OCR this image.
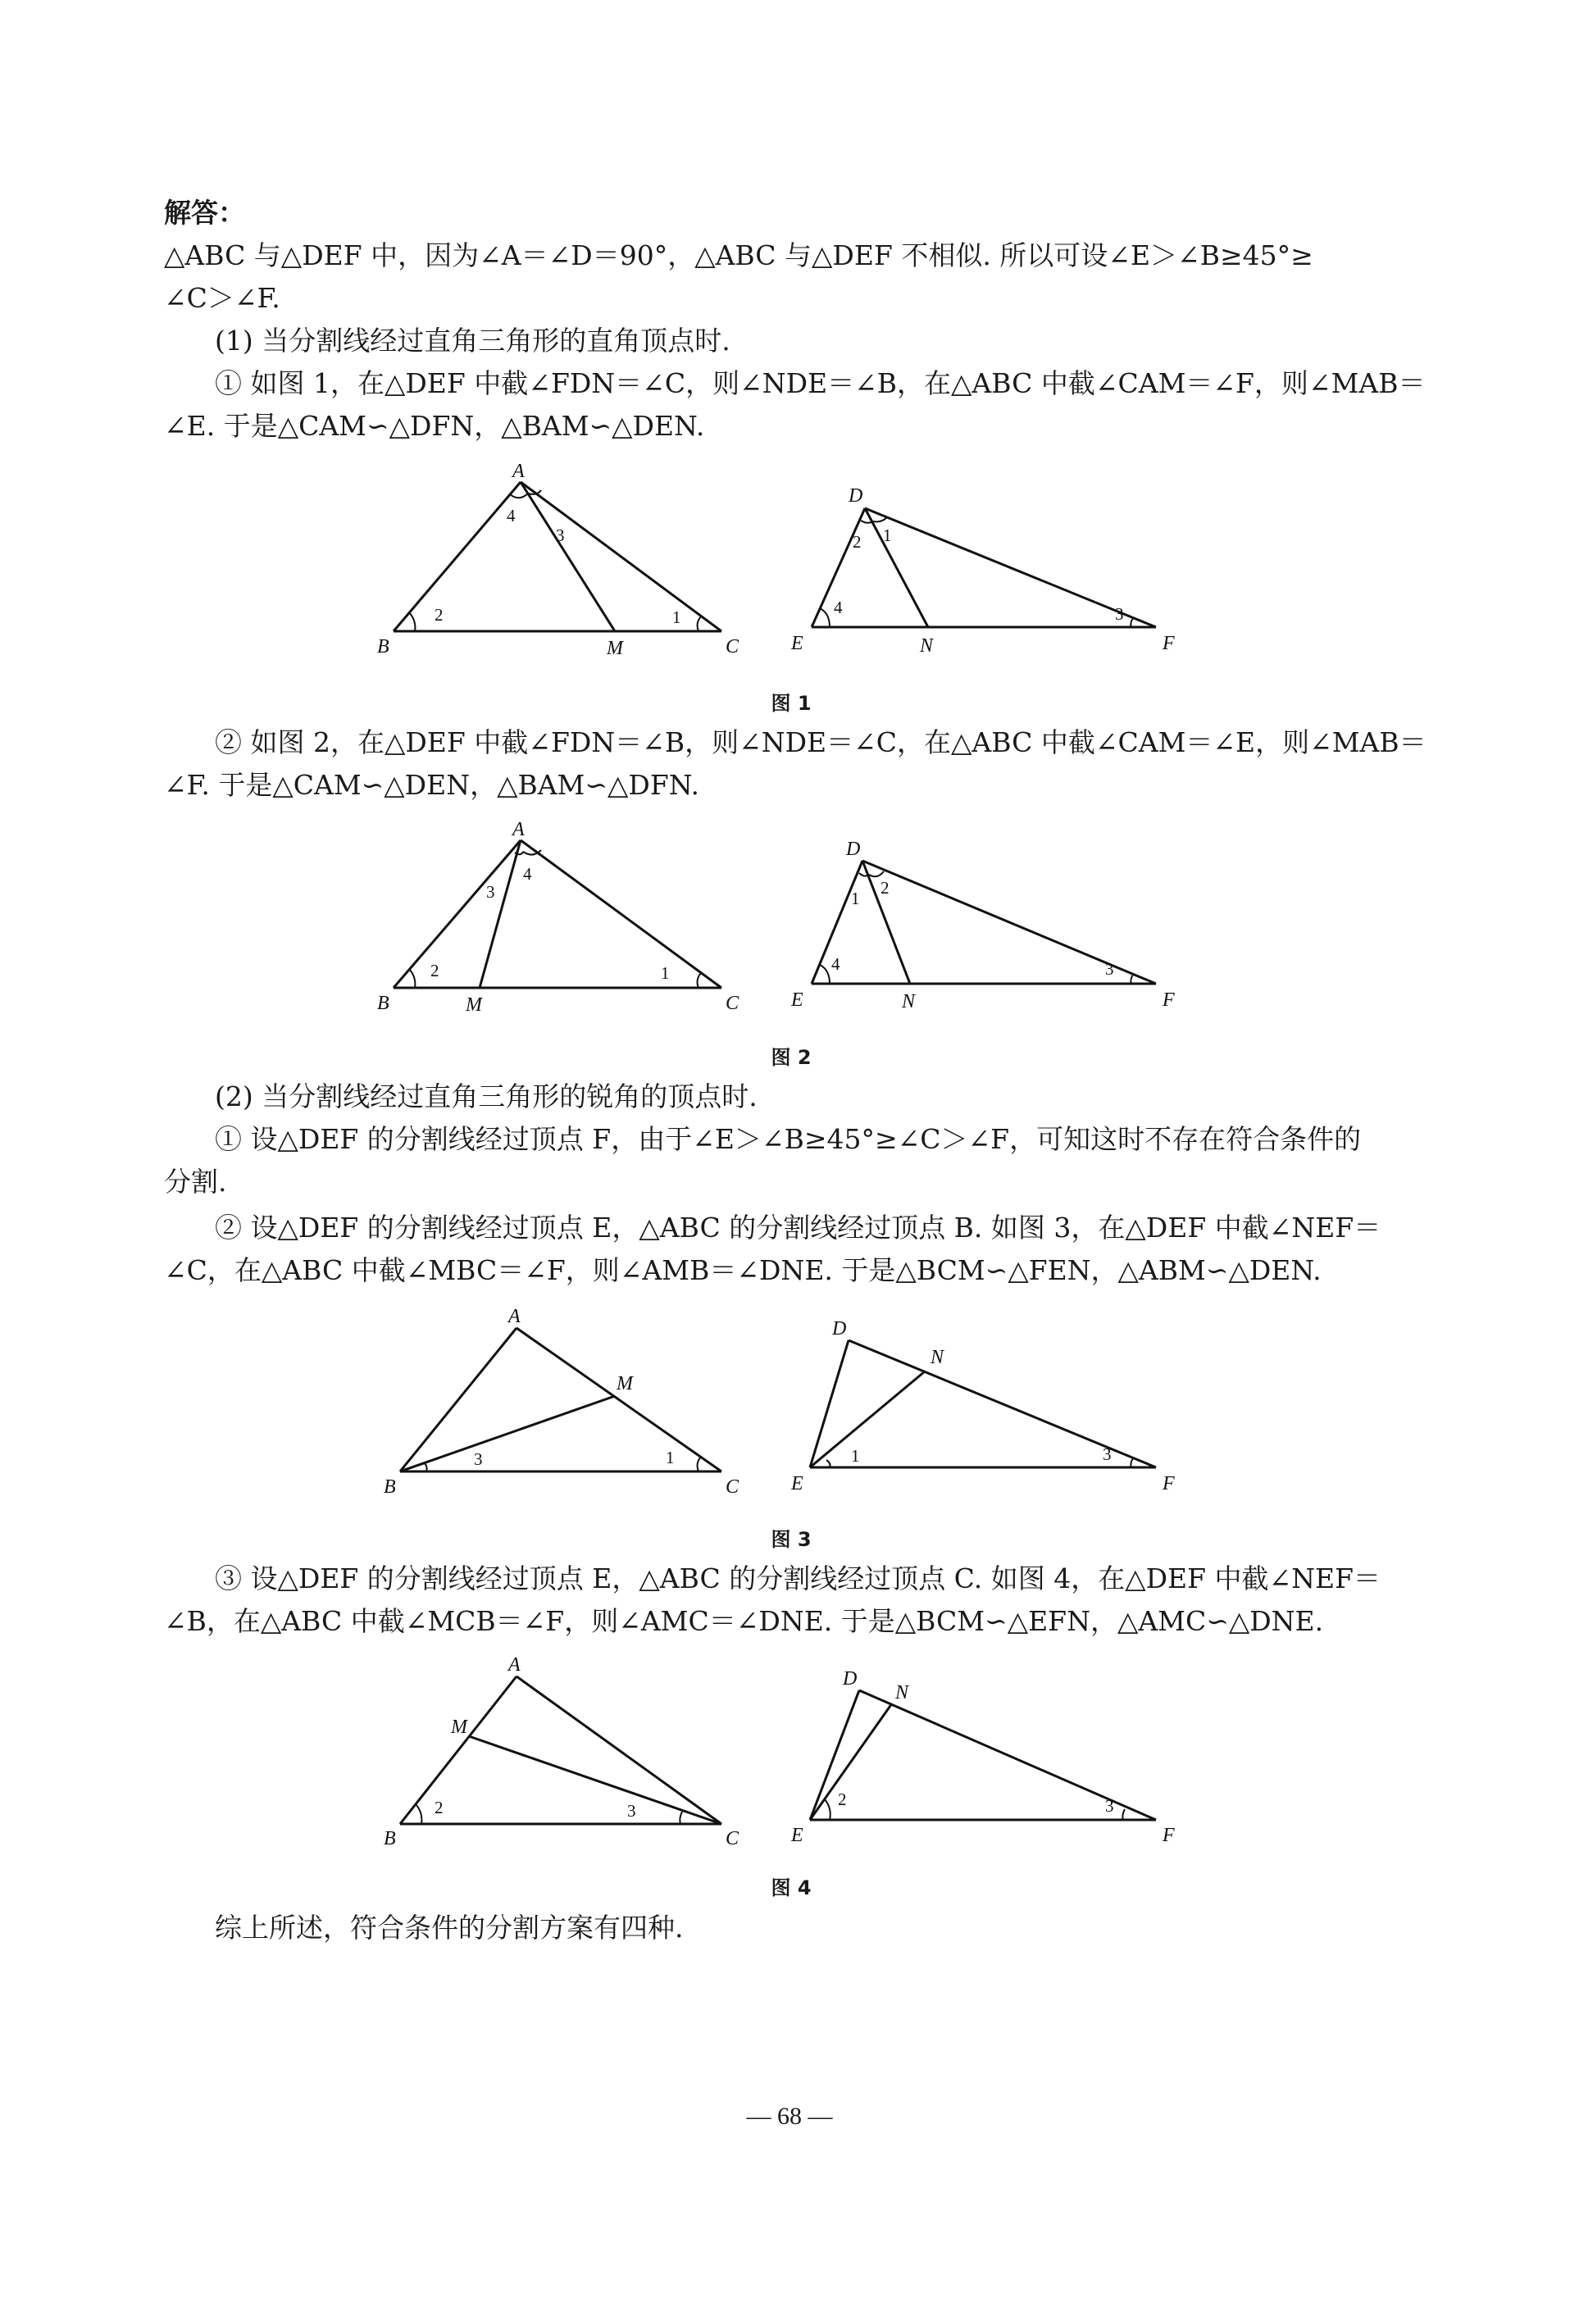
解答：
△ABC 与△DEF 中，因为∠A＝∠D＝90°，△ABC 与△DEF 不相似. 所以可设∠E＞∠B≥45°≥
∠C＞∠F.
(1) 当分割线经过直角三角形的直角顶点时.
① 如图 1，在△DEF 中截∠FDN＝∠C，则∠NDE＝∠B，在△ABC 中截∠CAM＝∠F，则∠MAB＝
∠E. 于是△CAM∽△DFN，△BAM∽△DEN.
A
B	C
M
4
3
2	1
D
E	F
N
2 1
4	3
图 1
② 如图 2，在△DEF 中截∠FDN＝∠B，则∠NDE＝∠C，在△ABC 中截∠CAM＝∠E，则∠MAB＝
∠F. 于是△CAM∽△DEN，△BAM∽△DFN.
A
B	C
M
3
4
2	1
D
E	F
N
1
2
4	3
图 2
(2) 当分割线经过直角三角形的锐角的顶点时.
① 设△DEF 的分割线经过顶点 F，由于∠E＞∠B≥45°≥∠C＞∠F，可知这时不存在符合条件的
分割.
② 设△DEF 的分割线经过顶点 E，△ABC 的分割线经过顶点 B. 如图 3，在△DEF 中截∠NEF＝
∠C，在△ABC 中截∠MBC＝∠F，则∠AMB＝∠DNE. 于是△BCM∽△FEN，△ABM∽△DEN.
A
B	C
M
3	1
D
E	F
N
1	3
图 3
③ 设△DEF 的分割线经过顶点 E，△ABC 的分割线经过顶点 C. 如图 4，在△DEF 中截∠NEF＝
∠B，在△ABC 中截∠MCB＝∠F，则∠AMC＝∠DNE. 于是△BCM∽△EFN，△AMC∽△DNE.
A
B	C
M
2	3
D
E	F
N
2	3
图 4
综上所述，符合条件的分割方案有四种.
— 68 —
